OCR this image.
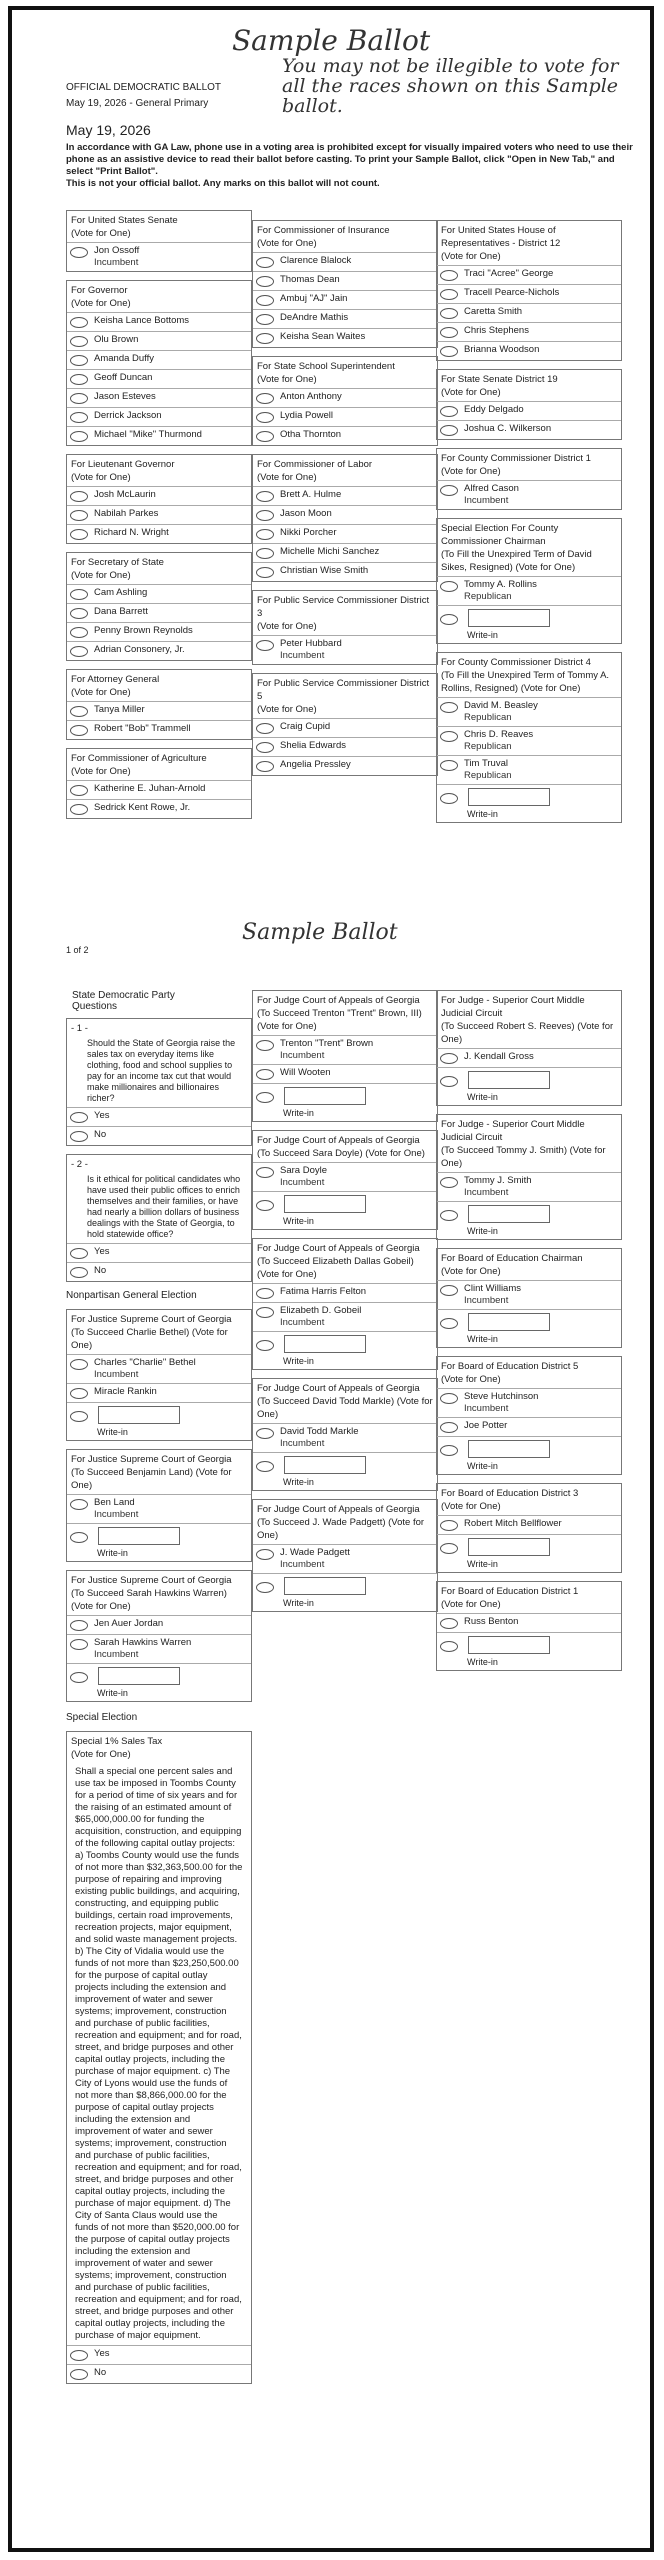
Sample Ballot
You may not be illegible to vote for all the races shown on this Sample ballot.
OFFICIAL DEMOCRATIC BALLOT
May 19, 2026 - General Primary
May 19, 2026
In accordance with GA Law, phone use in a voting area is prohibited except for visually impaired voters who need to use their phone as an assistive device to read their ballot before casting. To print your Sample Ballot, click "Open in New Tab," and select "Print Ballot".
This is not your official ballot. Any marks on this ballot will not count.
For United States Senate
(Vote for One)
Jon Ossoff
Incumbent
For Governor
(Vote for One)
Keisha Lance Bottoms
Olu Brown
Amanda Duffy
Geoff Duncan
Jason Esteves
Derrick Jackson
Michael "Mike" Thurmond
For Lieutenant Governor
(Vote for One)
Josh McLaurin
Nabilah Parkes
Richard N. Wright
For Secretary of State
(Vote for One)
Cam Ashling
Dana Barrett
Penny Brown Reynolds
Adrian Consonery, Jr.
For Attorney General
(Vote for One)
Tanya Miller
Robert "Bob" Trammell
For Commissioner of Agriculture
(Vote for One)
Katherine E. Juhan-Arnold
Sedrick Kent Rowe, Jr.
For Commissioner of Insurance
(Vote for One)
Clarence Blalock
Thomas Dean
Ambuj "AJ" Jain
DeAndre Mathis
Keisha Sean Waites
For State School Superintendent
(Vote for One)
Anton Anthony
Lydia Powell
Otha Thornton
For Commissioner of Labor
(Vote for One)
Brett A. Hulme
Jason Moon
Nikki Porcher
Michelle Michi Sanchez
Christian Wise Smith
For Public Service Commissioner District 3
(Vote for One)
Peter Hubbard
Incumbent
For Public Service Commissioner District 5
(Vote for One)
Craig Cupid
Shelia Edwards
Angelia Pressley
For United States House of Representatives - District 12
(Vote for One)
Traci "Acree" George
Tracell Pearce-Nichols
Caretta Smith
Chris Stephens
Brianna Woodson
For State Senate District 19
(Vote for One)
Eddy Delgado
Joshua C. Wilkerson
For County Commissioner District 1
(Vote for One)
Alfred Cason
Incumbent
Special Election For County Commissioner Chairman
(To Fill the Unexpired Term of David Sikes, Resigned) (Vote for One)
Tommy A. Rollins
Republican
Write-in
For County Commissioner District 4
(To Fill the Unexpired Term of Tommy A. Rollins, Resigned) (Vote for One)
David M. Beasley
Republican
Chris D. Reaves
Republican
Tim Truval
Republican
Write-in
1 of 2
Sample Ballot
State Democratic Party Questions
- 1 -
Should the State of Georgia raise the sales tax on everyday items like clothing, food and school supplies to pay for an income tax cut that would make millionaires and billionaires richer?
Yes
No
- 2 -
Is it ethical for political candidates who have used their public offices to enrich themselves and their families, or have had nearly a billion dollars of business dealings with the State of Georgia, to hold statewide office?
Yes
No
Nonpartisan General Election
For Justice Supreme Court of Georgia
(To Succeed Charlie Bethel) (Vote for One)
Charles "Charlie" Bethel
Incumbent
Miracle Rankin
Write-in
For Justice Supreme Court of Georgia
(To Succeed Benjamin Land) (Vote for One)
Ben Land
Incumbent
Write-in
For Justice Supreme Court of Georgia
(To Succeed Sarah Hawkins Warren) (Vote for One)
Jen Auer Jordan
Sarah Hawkins Warren
Incumbent
Write-in
Special Election
Special 1% Sales Tax
(Vote for One)
Shall a special one percent sales and use tax be imposed in Toombs County for a period of time of six years and for the raising of an estimated amount of $65,000,000.00 for funding the acquisition, construction, and equipping of the following capital outlay projects: a) Toombs County would use the funds of not more than $32,363,500.00 for the purpose of repairing and improving existing public buildings, and acquiring, constructing, and equipping public buildings, certain road improvements, recreation projects, major equipment, and solid waste management projects. b) The City of Vidalia would use the funds of not more than $23,250,500.00 for the purpose of capital outlay projects including the extension and improvement of water and sewer systems; improvement, construction and purchase of public facilities, recreation and equipment; and for road, street, and bridge purposes and other capital outlay projects, including the purchase of major equipment. c) The City of Lyons would use the funds of not more than $8,866,000.00 for the purpose of capital outlay projects including the extension and improvement of water and sewer systems; improvement, construction and purchase of public facilities, recreation and equipment; and for road, street, and bridge purposes and other capital outlay projects, including the purchase of major equipment. d) The City of Santa Claus would use the funds of not more than $520,000.00 for the purpose of capital outlay projects including the extension and improvement of water and sewer systems; improvement, construction and purchase of public facilities, recreation and equipment; and for road, street, and bridge purposes and other capital outlay projects, including the purchase of major equipment.
Yes
No
For Judge Court of Appeals of Georgia
(To Succeed Trenton "Trent" Brown, III) (Vote for One)
Trenton "Trent" Brown
Incumbent
Will Wooten
Write-in
For Judge Court of Appeals of Georgia
(To Succeed Sara Doyle) (Vote for One)
Sara Doyle
Incumbent
Write-in
For Judge Court of Appeals of Georgia
(To Succeed Elizabeth Dallas Gobeil) (Vote for One)
Fatima Harris Felton
Elizabeth D. Gobeil
Incumbent
Write-in
For Judge Court of Appeals of Georgia
(To Succeed David Todd Markle) (Vote for One)
David Todd Markle
Incumbent
Write-in
For Judge Court of Appeals of Georgia
(To Succeed J. Wade Padgett) (Vote for One)
J. Wade Padgett
Incumbent
Write-in
For Judge - Superior Court Middle Judicial Circuit
(To Succeed Robert S. Reeves) (Vote for One)
J. Kendall Gross
Write-in
For Judge - Superior Court Middle Judicial Circuit
(To Succeed Tommy J. Smith) (Vote for One)
Tommy J. Smith
Incumbent
Write-in
For Board of Education Chairman
(Vote for One)
Clint Williams
Incumbent
Write-in
For Board of Education District 5
(Vote for One)
Steve Hutchinson
Incumbent
Joe Potter
Write-in
For Board of Education District 3
(Vote for One)
Robert Mitch Bellflower
Write-in
For Board of Education District 1
(Vote for One)
Russ Benton
Write-in
